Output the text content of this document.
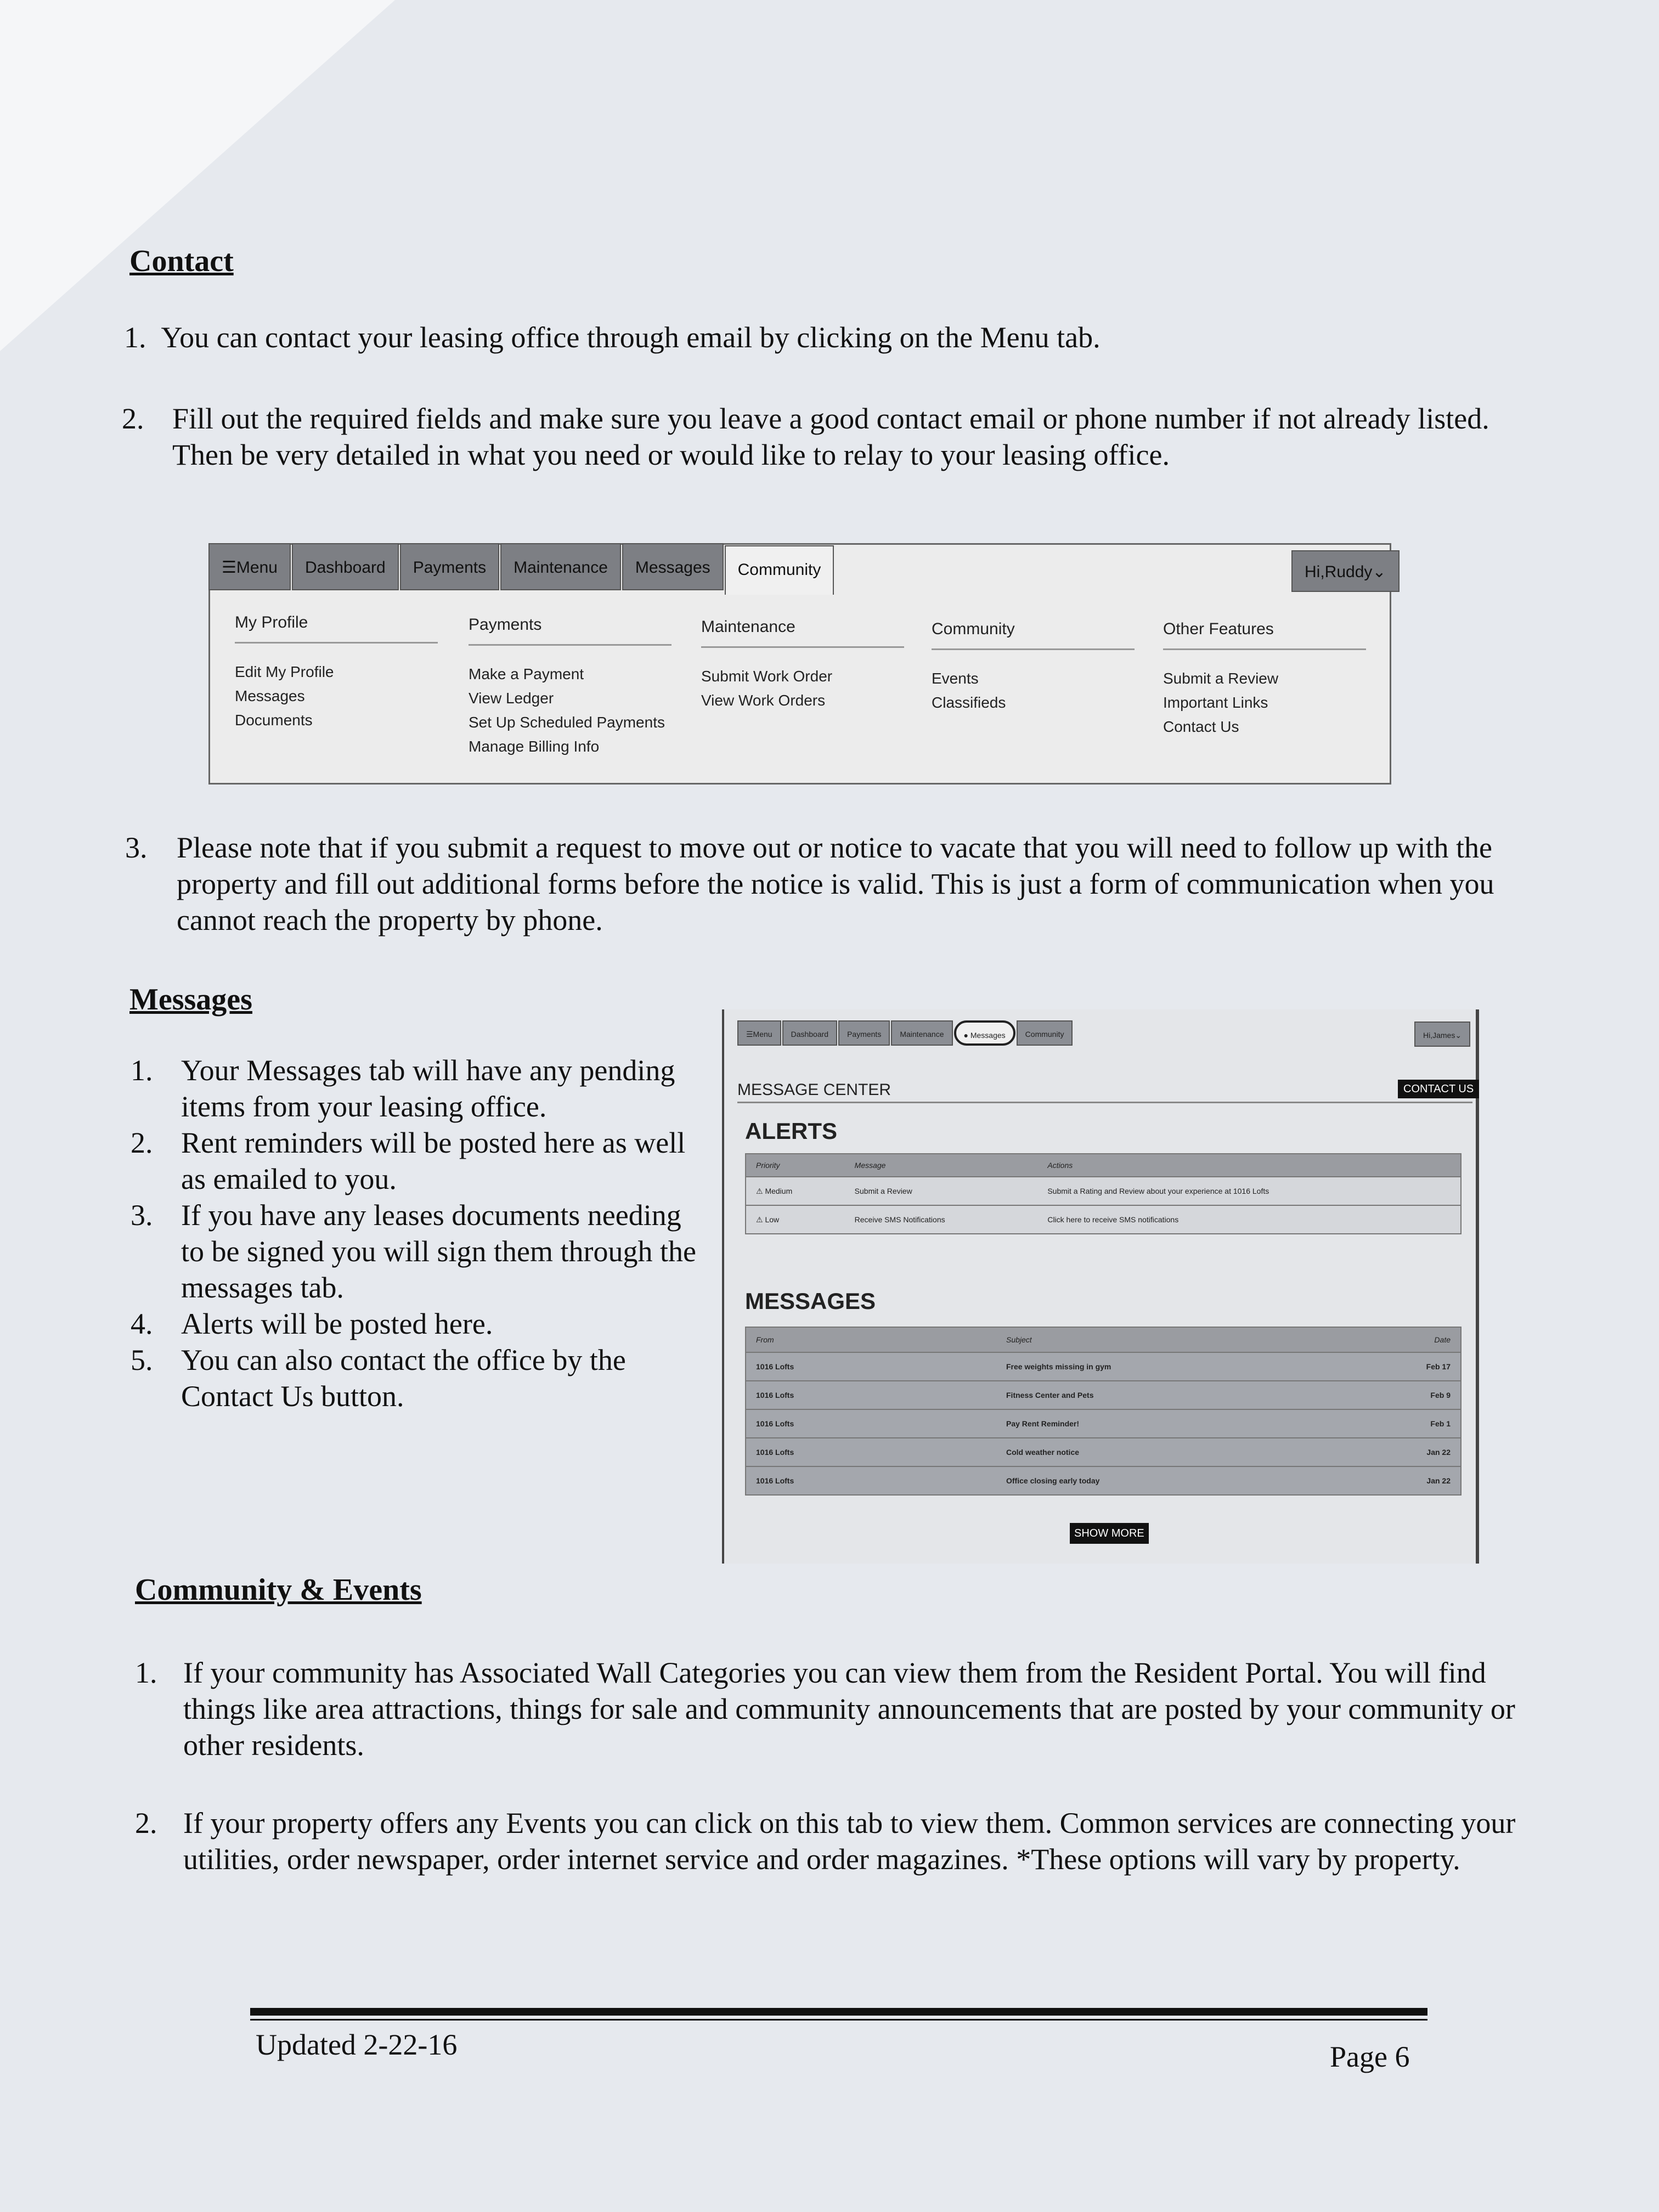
Contact
1.  You can contact your leasing office through email by clicking on the Menu tab.
2. Fill out the required fields and make sure you leave a good contact email or phone number if not already listed. Then be very detailed in what you need or would like to relay to your leasing office.
☰Menu	Dashboard	Payments	Maintenance	Messages	Community	Hi,Ruddy⌄
My Profile
Edit My Profile
Messages
Documents
Payments
Make a Payment
View Ledger
Set Up Scheduled Payments
Manage Billing Info
Maintenance
Submit Work Order
View Work Orders
Community
Events
Classifieds
Other Features
Submit a Review
Important Links
Contact Us
3. Please note that if you submit a request to move out or notice to vacate that you will need to follow up with the property and fill out additional forms before the notice is valid. This is just a form of communication when you cannot reach the property by phone.
Messages
1. Your Messages tab will have any pending items from your leasing office.
2. Rent reminders will be posted here as well as emailed to you.
3. If you have any leases documents needing to be signed you will sign them through the messages tab.
4. Alerts will be posted here.
5. You can also contact the office by the Contact Us button.
☰Menu	Dashboard	Payments	Maintenance	● Messages	Community	Hi,James⌄
MESSAGE CENTER	CONTACT US
ALERTS
Priority	Message	Actions
⚠ Medium	Submit a Review	Submit a Rating and Review about your experience at 1016 Lofts
⚠ Low	Receive SMS Notifications	Click here to receive SMS notifications
MESSAGES
From	Subject	Date
1016 Lofts	Free weights missing in gym	Feb 17
1016 Lofts	Fitness Center and Pets	Feb 9
1016 Lofts	Pay Rent Reminder!	Feb 1
1016 Lofts	Cold weather notice	Jan 22
1016 Lofts	Office closing early today	Jan 22
SHOW MORE
Community & Events
1. If your community has Associated Wall Categories you can view them from the Resident Portal. You will find things like area attractions, things for sale and community announcements that are posted by your community or other residents.
2. If your property offers any Events you can click on this tab to view them. Common services are connecting your utilities, order newspaper, order internet service and order magazines. *These options will vary by property.
Updated 2-22-16	Page 6
